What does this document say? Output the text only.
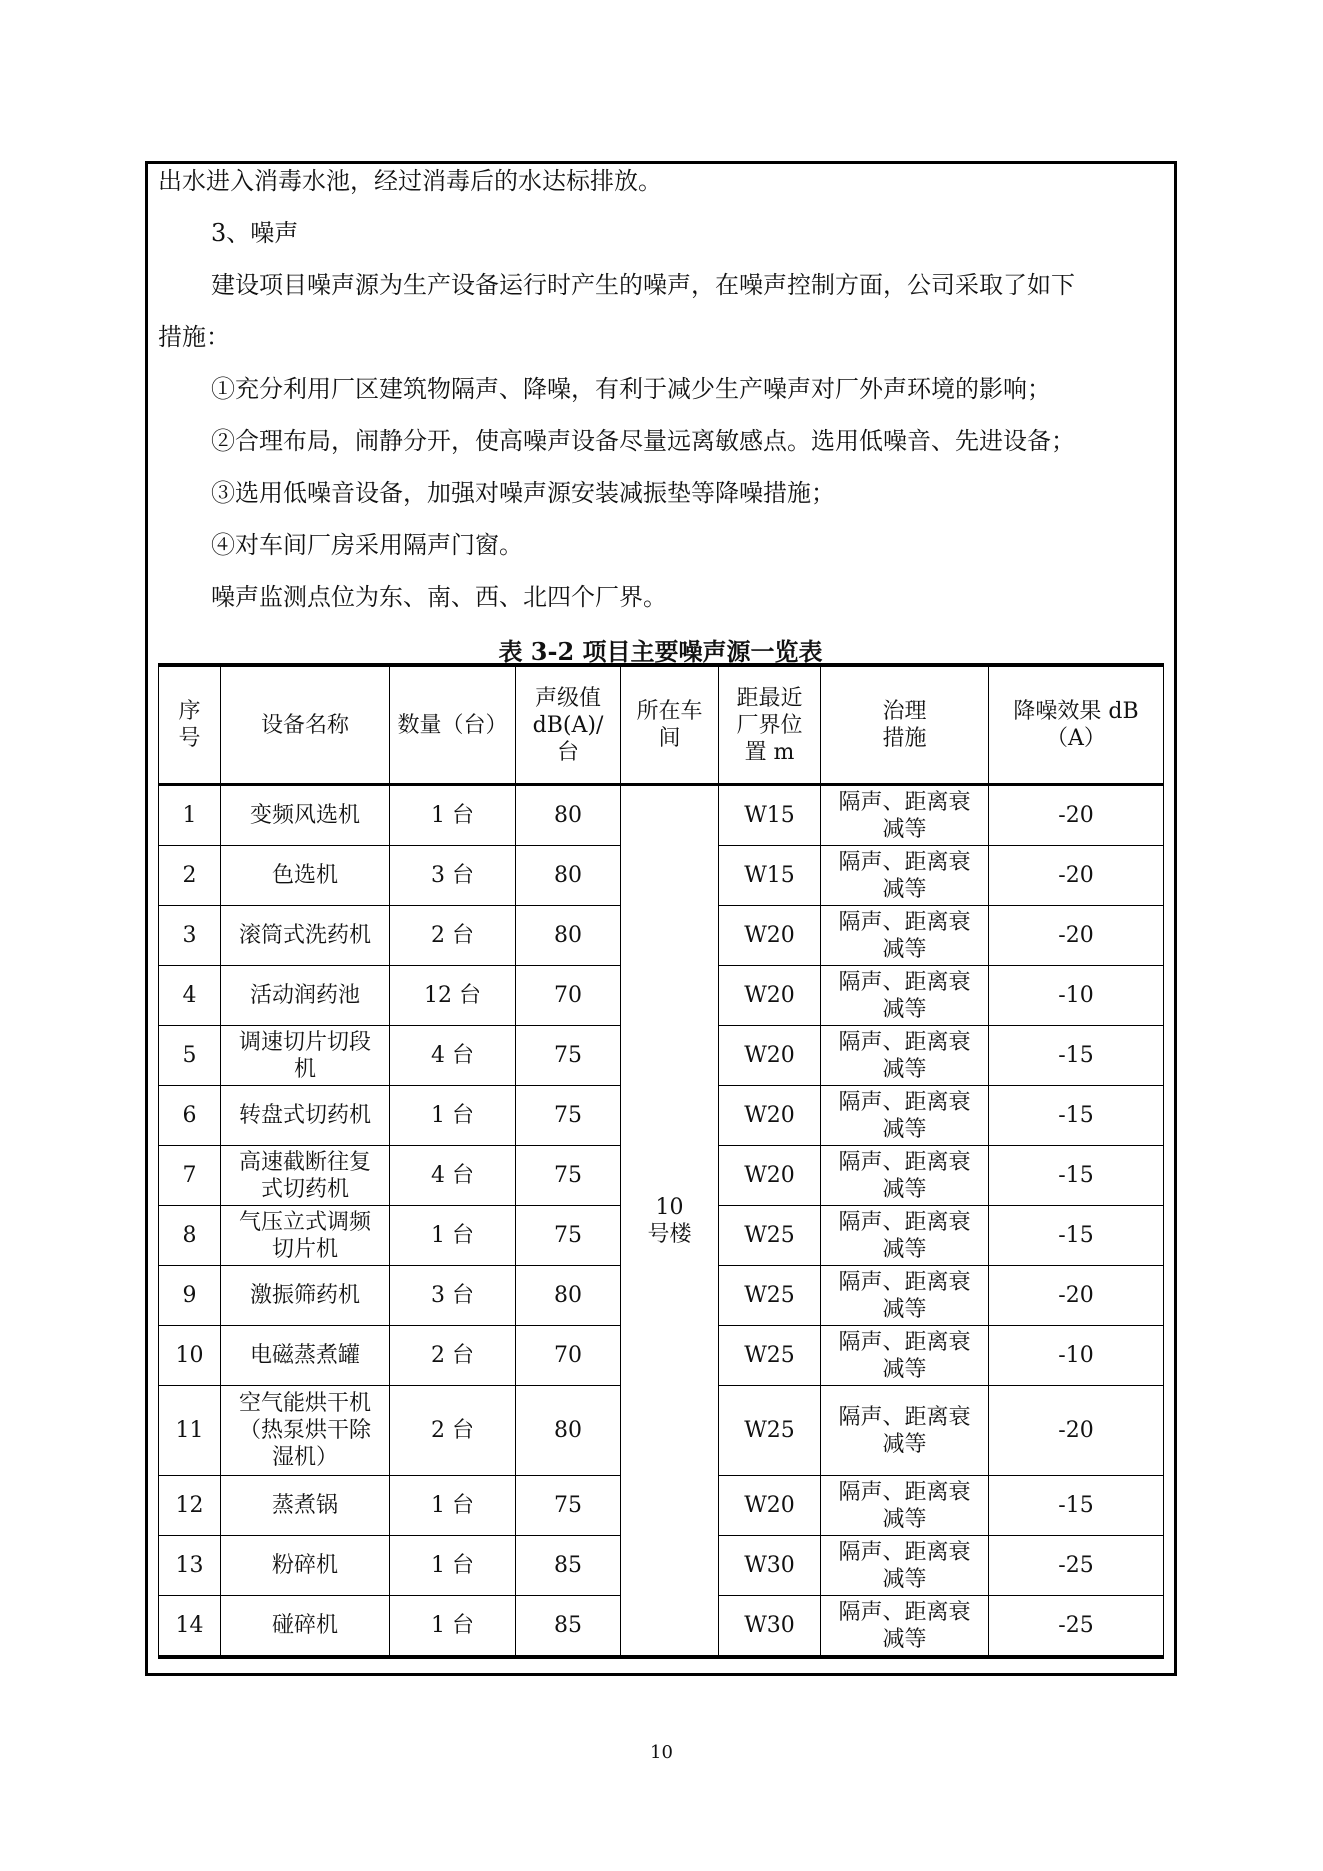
出水进入消毒水池，经过消毒后的水达标排放。
3、噪声
建设项目噪声源为生产设备运行时产生的噪声，在噪声控制方面，公司采取了如下
措施：
①充分利用厂区建筑物隔声、降噪，有利于减少生产噪声对厂外声环境的影响；
②合理布局，闹静分开，使高噪声设备尽量远离敏感点。选用低噪音、先进设备；
③选用低噪音设备，加强对噪声源安装减振垫等降噪措施；
④对车间厂房采用隔声门窗。
噪声监测点位为东、南、西、北四个厂界。
表 3-2 项目主要噪声源一览表
序号	设备名称	数量（台）	声级值 dB(A)/台	所在车间	距最近厂界位置 m	治理措施	降噪效果 dB（A）
1	变频风选机	1 台	80	10 号楼	W15	隔声、距离衰减等	-20
2	色选机	3 台	80		W15	隔声、距离衰减等	-20
3	滚筒式洗药机	2 台	80		W20	隔声、距离衰减等	-20
4	活动润药池	12 台	70		W20	隔声、距离衰减等	-10
5	调速切片切段机	4 台	75		W20	隔声、距离衰减等	-15
6	转盘式切药机	1 台	75		W20	隔声、距离衰减等	-15
7	高速截断往复式切药机	4 台	75		W20	隔声、距离衰减等	-15
8	气压立式调频切片机	1 台	75		W25	隔声、距离衰减等	-15
9	激振筛药机	3 台	80		W25	隔声、距离衰减等	-20
10	电磁蒸煮罐	2 台	70		W25	隔声、距离衰减等	-10
11	空气能烘干机（热泵烘干除湿机）	2 台	80		W25	隔声、距离衰减等	-20
12	蒸煮锅	1 台	75		W20	隔声、距离衰减等	-15
13	粉碎机	1 台	85		W30	隔声、距离衰减等	-25
14	碰碎机	1 台	85		W30	隔声、距离衰减等	-25
10
